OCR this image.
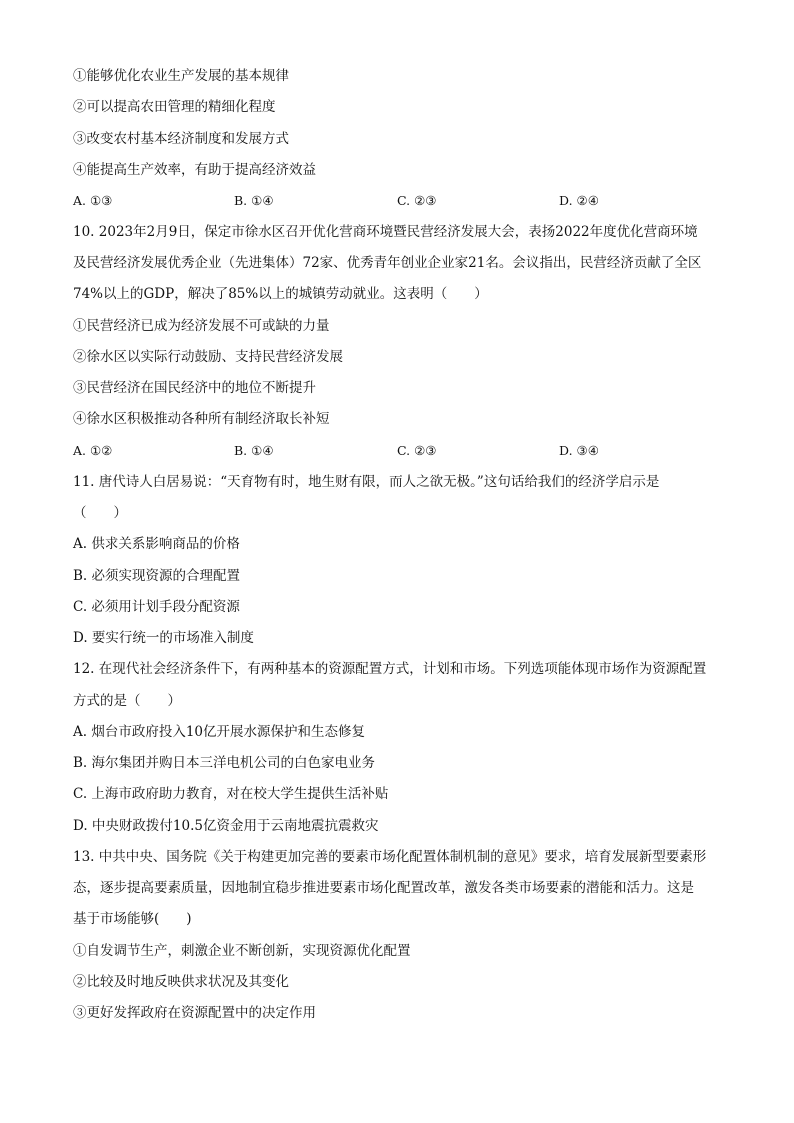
①能够优化农业生产发展的基本规律
②可以提高农田管理的精细化程度
③改变农村基本经济制度和发展方式
④能提高生产效率，有助于提高经济效益
A. ①③	B. ①④	C. ②③	D. ②④
10. 2023年2月9日，保定市徐水区召开优化营商环境暨民营经济发展大会，表扬2022年度优化营商环境
及民营经济发展优秀企业（先进集体）72家、优秀青年创业企业家21名。会议指出，民营经济贡献了全区
74%以上的GDP，解决了85%以上的城镇劳动就业。这表明（　　）
①民营经济已成为经济发展不可或缺的力量
②徐水区以实际行动鼓励、支持民营经济发展
③民营经济在国民经济中的地位不断提升
④徐水区积极推动各种所有制经济取长补短
A. ①②	B. ①④	C. ②③	D. ③④
11. 唐代诗人白居易说：“天育物有时，地生财有限，而人之欲无极。”这句话给我们的经济学启示是
（　　）
A. 供求关系影响商品的价格
B. 必须实现资源的合理配置
C. 必须用计划手段分配资源
D. 要实行统一的市场准入制度
12. 在现代社会经济条件下，有两种基本的资源配置方式，计划和市场。下列选项能体现市场作为资源配置
方式的是（　　）
A. 烟台市政府投入10亿开展水源保护和生态修复
B. 海尔集团并购日本三洋电机公司的白色家电业务
C. 上海市政府助力教育，对在校大学生提供生活补贴
D. 中央财政拨付10.5亿资金用于云南地震抗震救灾
13. 中共中央、国务院《关于构建更加完善的要素市场化配置体制机制的意见》要求，培育发展新型要素形
态，逐步提高要素质量，因地制宜稳步推进要素市场化配置改革，激发各类市场要素的潜能和活力。这是
基于市场能够(　　)
①自发调节生产，刺激企业不断创新，实现资源优化配置
②比较及时地反映供求状况及其变化
③更好发挥政府在资源配置中的决定作用
